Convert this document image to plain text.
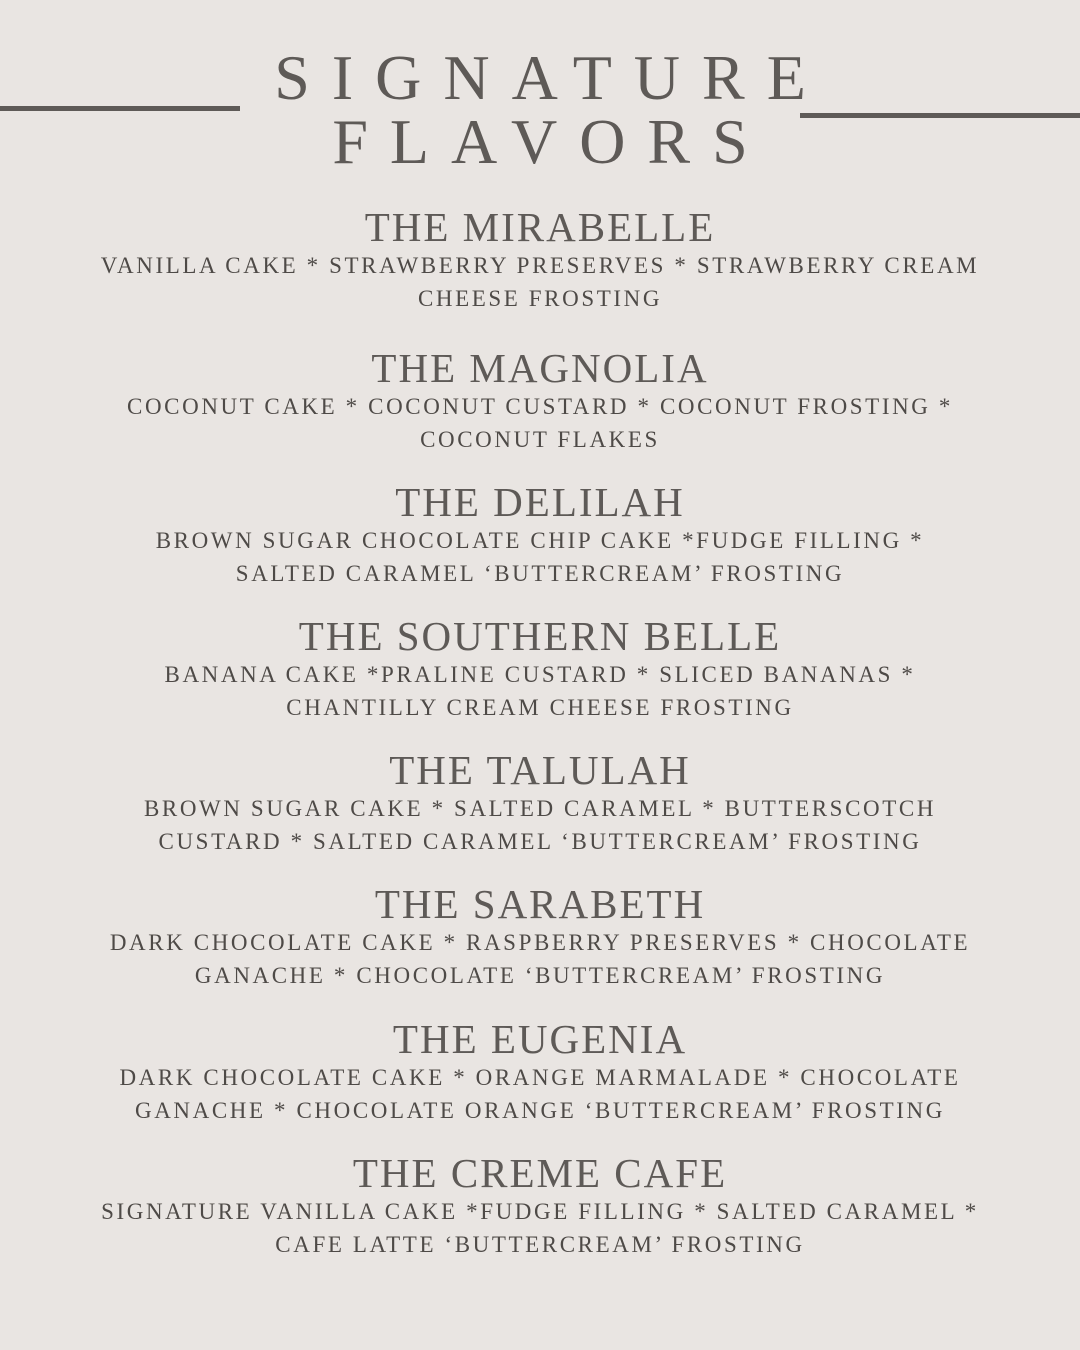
SIGNATURE
FLAVORS
THE MIRABELLE

VANILLA CAKE * STRAWBERRY PRESERVES * STRAWBERRY CREAM

CHEESE FROSTING

THE MAGNOLIA

COCONUT CAKE * COCONUT CUSTARD * COCONUT FROSTING *

COCONUT FLAKES

THE DELILAH

BROWN SUGAR CHOCOLATE CHIP CAKE *FUDGE FILLING *

SALTED CARAMEL ‘BUTTERCREAM’ FROSTING

THE SOUTHERN BELLE

BANANA CAKE *PRALINE CUSTARD * SLICED BANANAS *

CHANTILLY CREAM CHEESE FROSTING

THE TALULAH

BROWN SUGAR CAKE * SALTED CARAMEL * BUTTERSCOTCH

CUSTARD * SALTED CARAMEL ‘BUTTERCREAM’ FROSTING

THE SARABETH

DARK CHOCOLATE CAKE * RASPBERRY PRESERVES * CHOCOLATE

GANACHE * CHOCOLATE ‘BUTTERCREAM’ FROSTING

THE EUGENIA

DARK CHOCOLATE CAKE * ORANGE MARMALADE * CHOCOLATE

GANACHE * CHOCOLATE ORANGE ‘BUTTERCREAM’ FROSTING

THE CREME CAFE

SIGNATURE VANILLA CAKE *FUDGE FILLING * SALTED CARAMEL *

CAFE LATTE ‘BUTTERCREAM’ FROSTING
